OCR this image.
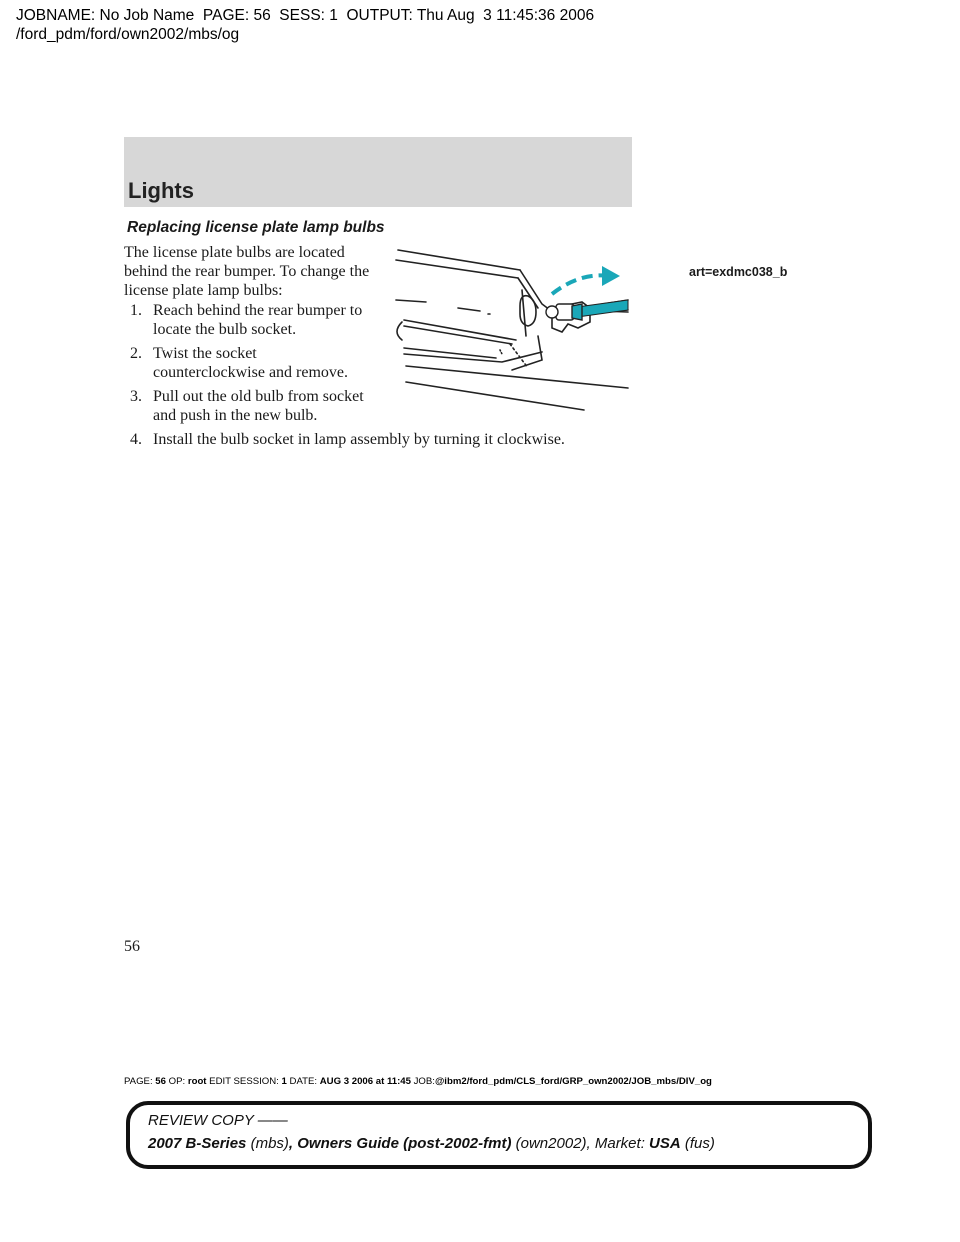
JOBNAME: No Job Name  PAGE: 56  SESS: 1  OUTPUT: Thu Aug  3 11:45:36 2006
/ford_pdm/ford/own2002/mbs/og
Lights
Replacing license plate lamp bulbs
The license plate bulbs are located behind the rear bumper. To change the license plate lamp bulbs:
1. Reach behind the rear bumper to locate the bulb socket.
2. Twist the socket counterclockwise and remove.
3. Pull out the old bulb from socket and push in the new bulb.
4. Install the bulb socket in lamp assembly by turning it clockwise.
art=exdmc038_b
56
PAGE: 56 OP: root EDIT SESSION: 1 DATE: AUG 3 2006 at 11:45 JOB:@ibm2/ford_pdm/CLS_ford/GRP_own2002/JOB_mbs/DIV_og
REVIEW COPY ——
2007 B-Series (mbs), Owners Guide (post-2002-fmt) (own2002), Market: USA (fus)
